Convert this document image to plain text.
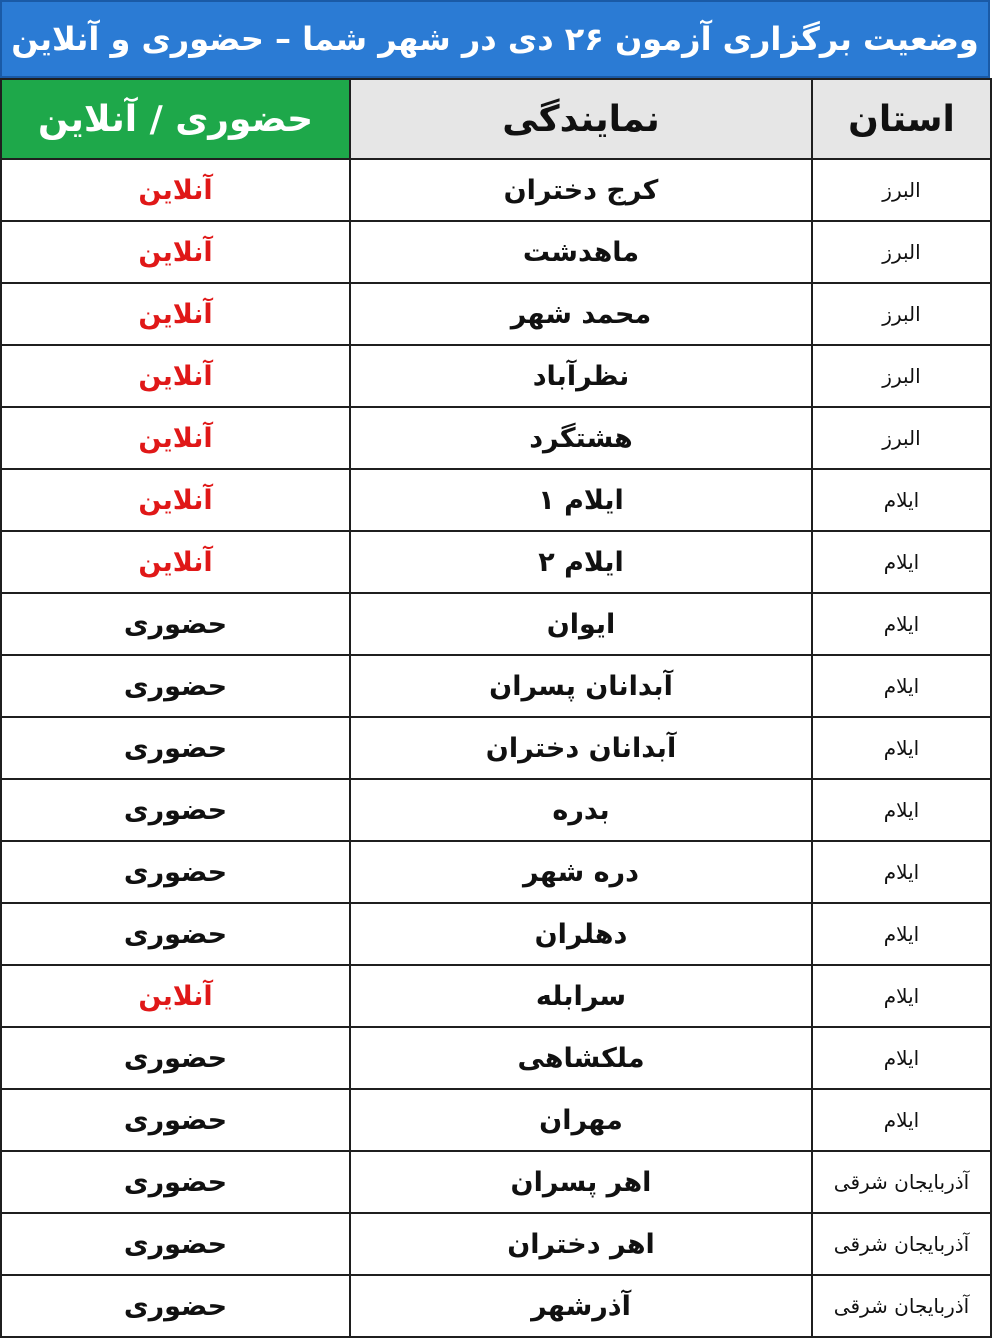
وضعیت برگزاری آزمون ۲۶ دی در شهر شما – حضوری و آنلاین
استان	نمایندگی	حضوری / آنلاین
البرز	کرج دختران	آنلاین
البرز	ماهدشت	آنلاین
البرز	محمد شهر	آنلاین
البرز	نظرآباد	آنلاین
البرز	هشتگرد	آنلاین
ایلام	ایلام ۱	آنلاین
ایلام	ایلام ۲	آنلاین
ایلام	ایوان	حضوری
ایلام	آبدانان پسران	حضوری
ایلام	آبدانان دختران	حضوری
ایلام	بدره	حضوری
ایلام	دره شهر	حضوری
ایلام	دهلران	حضوری
ایلام	سرابله	آنلاین
ایلام	ملکشاهی	حضوری
ایلام	مهران	حضوری
آذربایجان شرقی	اهر پسران	حضوری
آذربایجان شرقی	اهر دختران	حضوری
آذربایجان شرقی	آذرشهر	حضوری
